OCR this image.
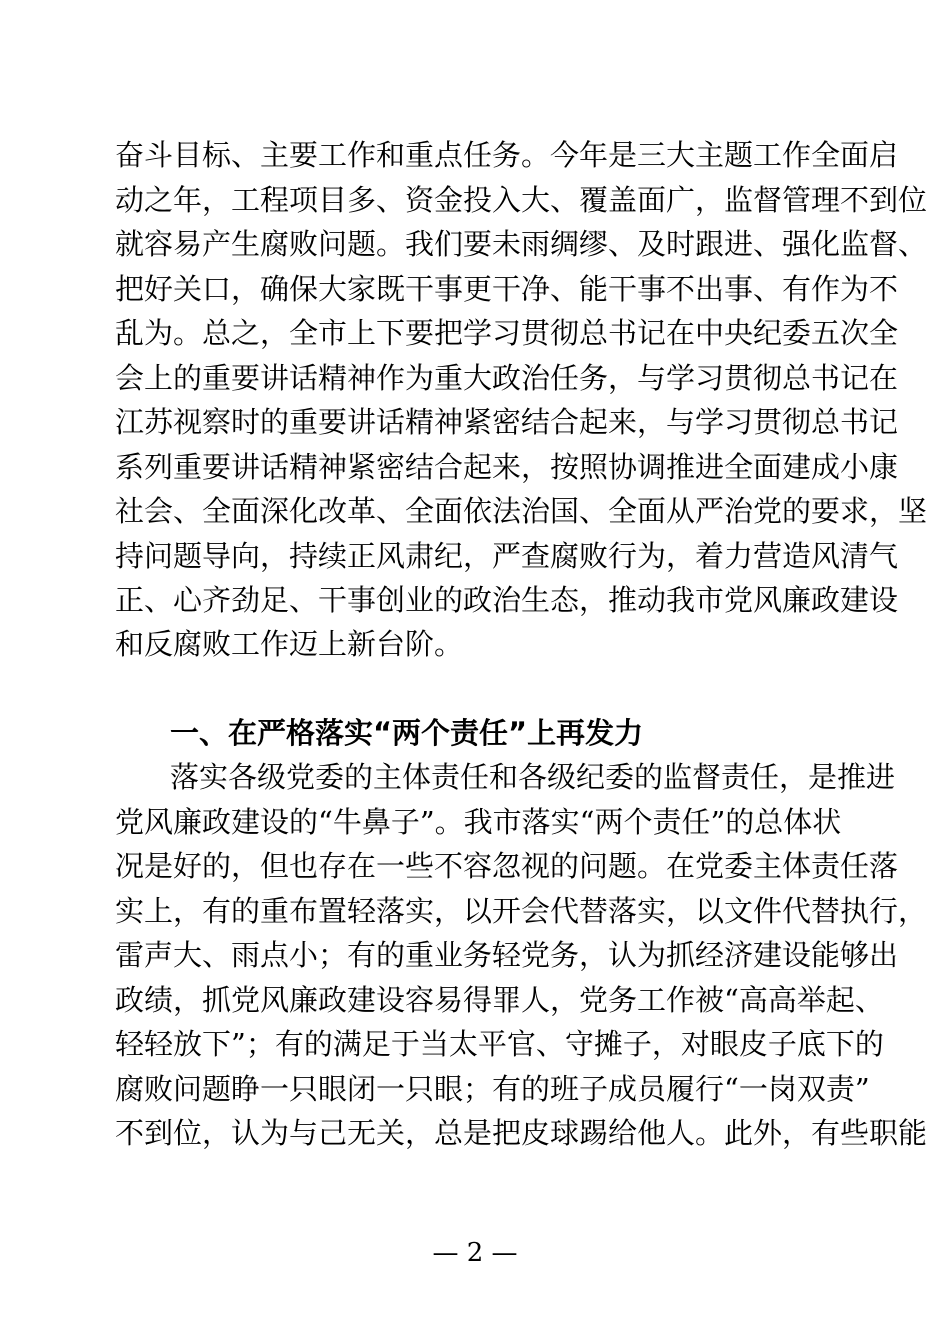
奋斗目标、主要工作和重点任务。今年是三大主题工作全面启
动之年，工程项目多、资金投入大、覆盖面广，监督管理不到位
就容易产生腐败问题。我们要未雨绸缪、及时跟进、强化监督、
把好关口，确保大家既干事更干净、能干事不出事、有作为不
乱为。总之，全市上下要把学习贯彻总书记在中央纪委五次全
会上的重要讲话精神作为重大政治任务，与学习贯彻总书记在
江苏视察时的重要讲话精神紧密结合起来，与学习贯彻总书记
系列重要讲话精神紧密结合起来，按照协调推进全面建成小康
社会、全面深化改革、全面依法治国、全面从严治党的要求，坚
持问题导向，持续正风肃纪，严查腐败行为，着力营造风清气
正、心齐劲足、干事创业的政治生态，推动我市党风廉政建设
和反腐败工作迈上新台阶。
一、在严格落实“两个责任”上再发力
落实各级党委的主体责任和各级纪委的监督责任，是推进
党风廉政建设的“牛鼻子”。我市落实“两个责任”的总体状
况是好的，但也存在一些不容忽视的问题。在党委主体责任落
实上，有的重布置轻落实，以开会代替落实，以文件代替执行，
雷声大、雨点小；有的重业务轻党务，认为抓经济建设能够出
政绩，抓党风廉政建设容易得罪人，党务工作被“高高举起、
轻轻放下”；有的满足于当太平官、守摊子，对眼皮子底下的
腐败问题睁一只眼闭一只眼；有的班子成员履行“一岗双责”
不到位，认为与己无关，总是把皮球踢给他人。此外，有些职能
— 2 —
